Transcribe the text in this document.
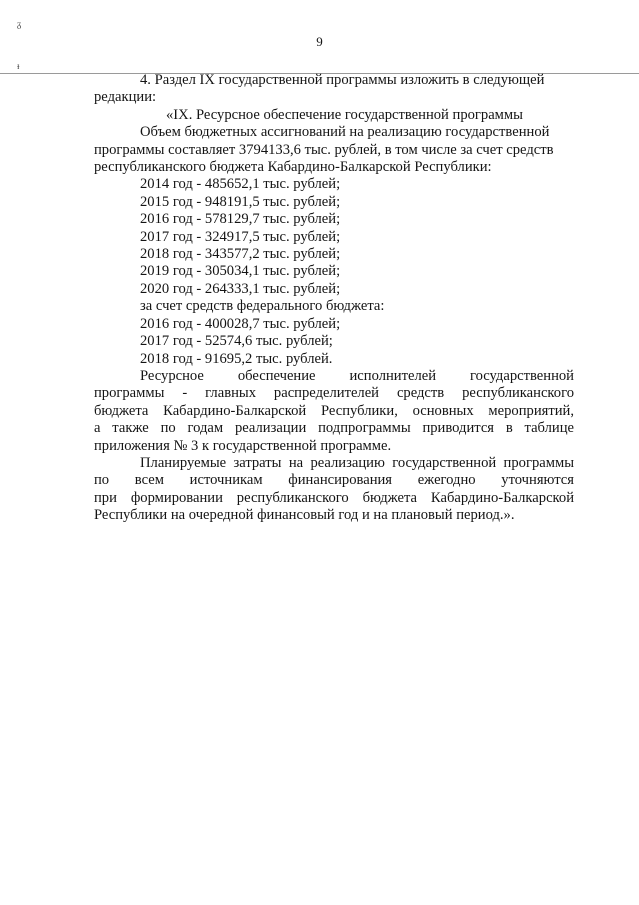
ᵹ
ᵻ
9

4. Раздел IX государственной программы изложить в следующей

редакции:

«IX. Ресурсное обеспечение государственной программы

Объем бюджетных ассигнований на реализацию государственной

программы составляет 3794133,6 тыс. рублей, в том числе за счет средств

республиканского бюджета Кабардино-Балкарской Республики:

2014 год - 485652,1 тыс. рублей;

2015 год - 948191,5 тыс. рублей;

2016 год - 578129,7 тыс. рублей;

2017 год - 324917,5 тыс. рублей;

2018 год - 343577,2 тыс. рублей;

2019 год - 305034,1 тыс. рублей;

2020 год - 264333,1 тыс. рублей;

за счет средств федерального бюджета:

2016 год - 400028,7 тыс. рублей;

2017 год - 52574,6 тыс. рублей;

2018 год - 91695,2 тыс. рублей.

Ресурсное обеспечение исполнителей государственной

программы - главных распределителей средств республиканского

бюджета Кабардино-Балкарской Республики, основных мероприятий,

а также по годам реализации подпрограммы приводится в таблице

приложения № 3 к государственной программе.

Планируемые затраты на реализацию государственной программы

по всем источникам финансирования ежегодно уточняются

при формировании республиканского бюджета Кабардино-Балкарской

Республики на очередной финансовый год и на плановый период.».
